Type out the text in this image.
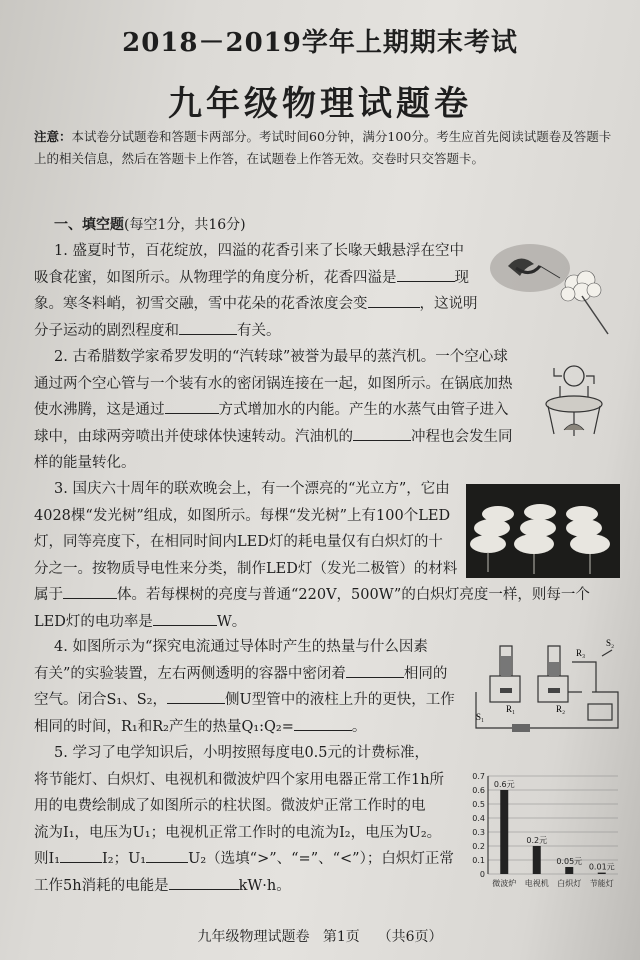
2018－2019学年上期期末考试
九年级物理试题卷
注意：本试卷分试题卷和答题卡两部分。考试时间60分钟，满分100分。考生应首先阅读试题卷及答题卡上的相关信息，然后在答题卡上作答，在试题卷上作答无效。交卷时只交答题卡。
一、填空题(每空1分，共16分)
1. 盛夏时节，百花绽放，四溢的花香引来了长喙天蛾悬浮在空中
吸食花蜜，如图所示。从物理学的角度分析，花香四溢是	现
象。寒冬料峭，初雪交融，雪中花朵的花香浓度会变	，这说明
分子运动的剧烈程度和	有关。
2. 古希腊数学家希罗发明的“汽转球”被誉为最早的蒸汽机。一个空心球
通过两个空心管与一个装有水的密闭锅连接在一起，如图所示。在锅底加热
使水沸腾，这是通过	方式增加水的内能。产生的水蒸气由管子进入
球中，由球两旁喷出并使球体快速转动。汽油机的	冲程也会发生同
样的能量转化。
3. 国庆六十周年的联欢晚会上，有一个漂亮的“光立方”，它由
4028棵“发光树”组成，如图所示。每棵“发光树”上有100个LED
灯，同等亮度下，在相同时间内LED灯的耗电量仅有白炽灯的十
分之一。按物质导电性来分类，制作LED灯（发光二极管）的材料
属于	体。若每棵树的亮度与普通“220V，500W”的白炽灯亮度一样，则每一个
LED灯的电功率是	W。
4. 如图所示为“探究电流通过导体时产生的热量与什么因素
有关”的实验装置，左右两侧透明的容器中密闭着	相同的
空气。闭合S₁、S₂，	侧U型管中的液柱上升的更快，工作
相同的时间，R₁和R₂产生的热量Q₁:Q₂=	。
R₁	R₂
R₃
S₁
S₂
5. 学习了电学知识后，小明按照每度电0.5元的计费标准，
将节能灯、白炽灯、电视机和微波炉四个家用电器正常工作1h所
用的电费绘制成了如图所示的柱状图。微波炉正常工作时的电
流为I₁，电压为U₁；电视机正常工作时的电流为I₂，电压为U₂。
则I₁	I₂；U₁	U₂（选填“>”、“=”、“<”）；白炽灯正常
工作5h消耗的电能是	kW·h。
0
0.1
0.2
0.3
0.4
0.5
0.6
0.7
0.6元
微波炉
0.2元
电视机
0.05元
白炽灯
0.01元
节能灯
九年级物理试题卷 第1页 （共6页）
